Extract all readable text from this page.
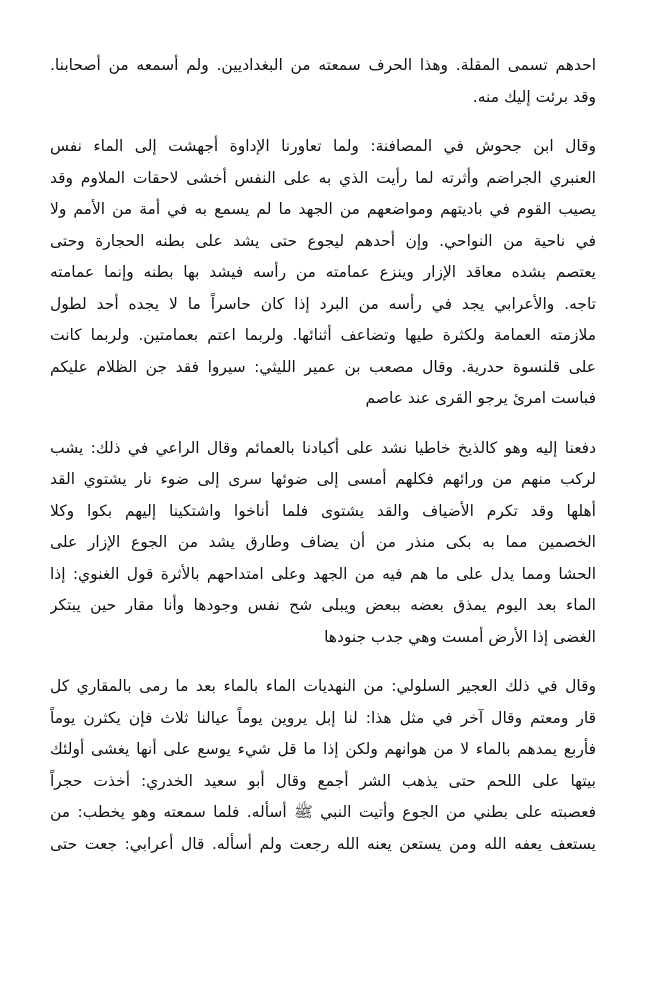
احدهم تسمى المقلة. وهذا الحرف سمعته من البغداديين. ولم أسمعه من أصحابنا.
وقد برئت إليك منه.
وقال ابن جحوش في المصافنة: ولما تعاورنا الإداوة أجهشت إلى الماء نفس
العنبري الجراضم وأثرته لما رأيت الذي به على النفس أخشى لاحقات الملاوم وقد
يصيب القوم في باديتهم ومواضعهم من الجهد ما لم يسمع به في أمة من الأمم ولا
في ناحية من النواحي. وإن أحدهم ليجوع حتى يشد على بطنه الحجارة وحتى
يعتصم بشده معاقد الإزار وينزع عمامته من رأسه فيشد بها بطنه وإنما عمامته
تاجه. والأعرابي يجد في رأسه من البرد إذا كان حاسراً ما لا يجده أحد لطول
ملازمته العمامة ولكثرة طيها وتضاعف أثنائها. ولربما اعتم بعمامتين. ولربما كانت
على قلنسوة حدرية. وقال مصعب بن عمير الليثي: سيروا فقد جن الظلام عليكم
فباست امرئ يرجو القرى عند عاصم
دفعنا إليه وهو كالذيخ خاطيا نشد على أكبادنا بالعمائم وقال الراعي في ذلك: يشب
لركب منهم من ورائهم فكلهم أمسى إلى ضوئها سرى إلى ضوء نار يشتوي القد
أهلها وقد تكرم الأضياف والقد يشتوى فلما أناخوا واشتكينا إليهم بكوا وكلا
الخصمين مما به بكى منذر من أن يضاف وطارق يشد من الجوع الإزار على
الحشا ومما يدل على ما هم فيه من الجهد وعلى امتداحهم بالأثرة قول الغنوي: إذا
الماء بعد اليوم يمذق بعضه ببعض ويبلى شح نفس وجودها وأنا مقار حين يبتكر
الغضى إذا الأرض أمست وهي جدب جنودها
وقال في ذلك العجير السلولي: من النهديات الماء بالماء بعد ما رمى بالمقاري كل
قار ومعتم وقال آخر في مثل هذا: لنا إبل يروين يوماً عيالنا ثلاث فإن يكثرن يوماً
فأربع يمدهم بالماء لا من هوانهم ولكن إذا ما قل شيء يوسع على أنها يغشى أولئك
بيتها على اللحم حتى يذهب الشر أجمع وقال أبو سعيد الخدري: أخذت حجراً
فعصبته على بطني من الجوع وأتيت النبي ﷺ أسأله. فلما سمعته وهو يخطب: من
يستعف يعفه الله ومن يستعن يعنه الله رجعت ولم أسأله. قال أعرابي: جعت حتى
